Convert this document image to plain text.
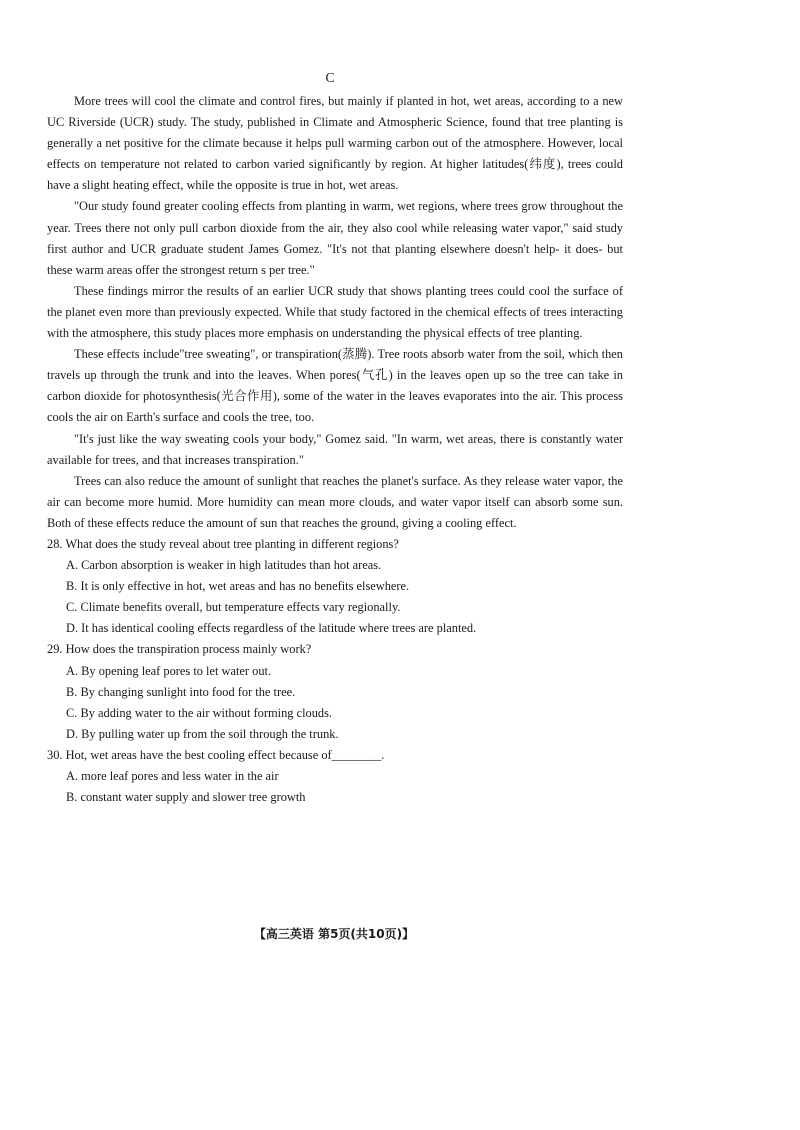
C

More trees will cool the climate and control fires, but mainly if planted in hot, wet areas, according to a new UC Riverside (UCR) study. The study, published in Climate and Atmospheric Science, found that tree planting is generally a net positive for the climate because it helps pull warming carbon out of the atmosphere. However, local effects on temperature not related to carbon varied significantly by region. At higher latitudes(纬度), trees could have a slight heating effect, while the opposite is true in hot, wet areas.

"Our study found greater cooling effects from planting in warm, wet regions, where trees grow throughout the year. Trees there not only pull carbon dioxide from the air, they also cool while releasing water vapor," said study first author and UCR graduate student James Gomez. "It's not that planting elsewhere doesn't help- it does- but these warm areas offer the strongest return s per tree."

These findings mirror the results of an earlier UCR study that shows planting trees could cool the surface of the planet even more than previously expected. While that study factored in the chemical effects of trees interacting with the atmosphere, this study places more emphasis on understanding the physical effects of tree planting.

These effects include"tree sweating", or transpiration(蒸腾). Tree roots absorb water from the soil, which then travels up through the trunk and into the leaves. When pores(气孔) in the leaves open up so the tree can take in carbon dioxide for photosynthesis(光合作用), some of the water in the leaves evaporates into the air. This process cools the air on Earth's surface and cools the tree, too.

"It's just like the way sweating cools your body," Gomez said. "In warm, wet areas, there is constantly water available for trees, and that increases transpiration."

Trees can also reduce the amount of sunlight that reaches the planet's surface. As they release water vapor, the air can become more humid. More humidity can mean more clouds, and water vapor itself can absorb some sun. Both of these effects reduce the amount of sun that reaches the ground, giving a cooling effect.

28. What does the study reveal about tree planting in different regions?

A. Carbon absorption is weaker in high latitudes than hot areas.

B. It is only effective in hot, wet areas and has no benefits elsewhere.

C. Climate benefits overall, but temperature effects vary regionally.

D. It has identical cooling effects regardless of the latitude where trees are planted.

29. How does the transpiration process mainly work?

A. By opening leaf pores to let water out.

B. By changing sunlight into food for the tree.

C. By adding water to the air without forming clouds.

D. By pulling water up from the soil through the trunk.

30. Hot, wet areas have the best cooling effect because of________.

A. more leaf pores and less water in the air

B. constant water supply and slower tree growth

【高三英语 第5页(共10页)】
